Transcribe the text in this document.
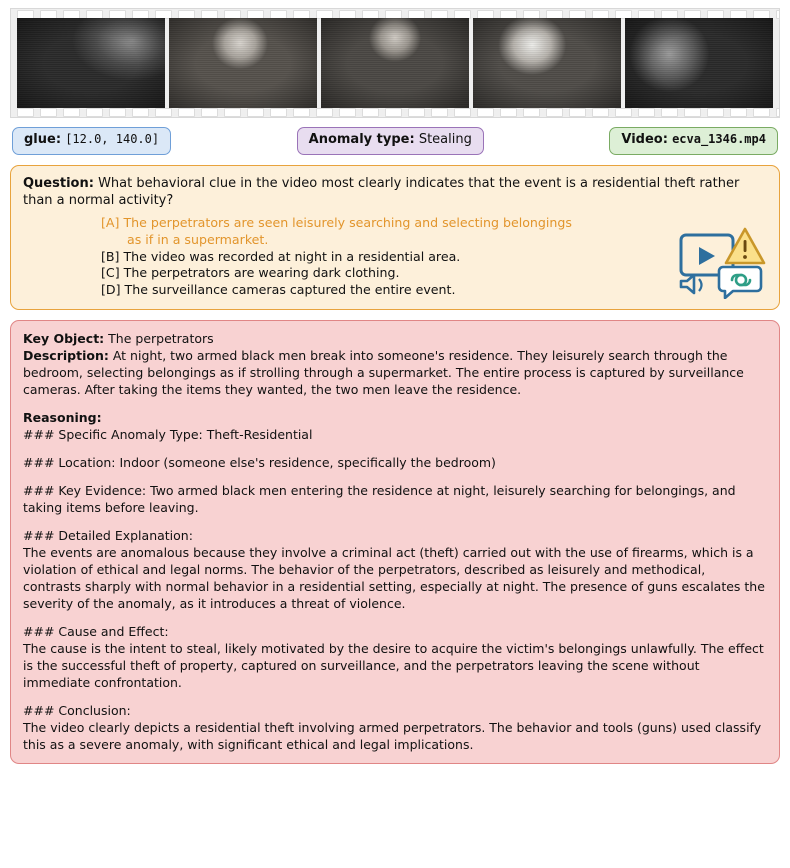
glue: [12.0, 140.0]	Anomaly type: Stealing	Video: ecva_1346.mp4
Question: What behavioral clue in the video most clearly indicates that the event is a residential theft rather than a normal activity?
[A] The perpetrators are seen leisurely searching and selecting belongings
as if in a supermarket.
[B] The video was recorded at night in a residential area.
[C] The perpetrators are wearing dark clothing.
[D] The surveillance cameras captured the entire event.

Key Object: The perpetrators

Description: At night, two armed black men break into someone's residence. They leisurely search through the bedroom, selecting belongings as if strolling through a supermarket. The entire process is captured by surveillance cameras. After taking the items they wanted, the two men leave the residence.

Reasoning:

### Specific Anomaly Type: Theft-Residential

### Location: Indoor (someone else's residence, specifically the bedroom)

### Key Evidence: Two armed black men entering the residence at night, leisurely searching for belongings, and taking items before leaving.

### Detailed Explanation:

The events are anomalous because they involve a criminal act (theft) carried out with the use of firearms, which is a violation of ethical and legal norms. The behavior of the perpetrators, described as leisurely and methodical, contrasts sharply with normal behavior in a residential setting, especially at night. The presence of guns escalates the severity of the anomaly, as it introduces a threat of violence.

### Cause and Effect:

The cause is the intent to steal, likely motivated by the desire to acquire the victim's belongings unlawfully. The effect is the successful theft of property, captured on surveillance, and the perpetrators leaving the scene without immediate confrontation.

### Conclusion:

The video clearly depicts a residential theft involving armed perpetrators. The behavior and tools (guns) used classify this as a severe anomaly, with significant ethical and legal implications.
